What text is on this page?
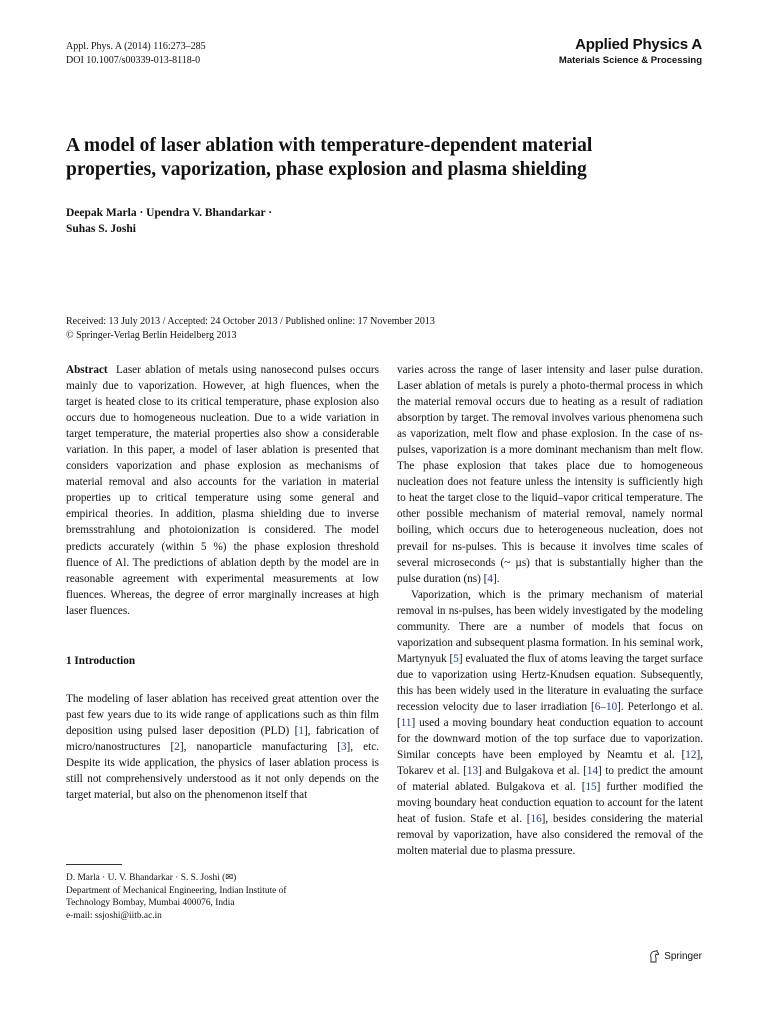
Appl. Phys. A (2014) 116:273–285
DOI 10.1007/s00339-013-8118-0
Applied Physics A
Materials Science & Processing
A model of laser ablation with temperature-dependent material
properties, vaporization, phase explosion and plasma shielding
Deepak Marla · Upendra V. Bhandarkar ·
Suhas S. Joshi
Received: 13 July 2013 / Accepted: 24 October 2013 / Published online: 17 November 2013
© Springer-Verlag Berlin Heidelberg 2013

Abstract Laser ablation of metals using nanosecond pulses occurs mainly due to vaporization. However, at high fluences, when the target is heated close to its critical temperature, phase explosion also occurs due to homogeneous nucleation. Due to a wide variation in target temperature, the material properties also show a considerable variation. In this paper, a model of laser ablation is presented that considers vaporization and phase explosion as mechanisms of material removal and also accounts for the variation in material properties up to critical temperature using some general and empirical theories. In addition, plasma shielding due to inverse bremsstrahlung and photoionization is considered. The model predicts accurately (within 5 %) the phase explosion threshold fluence of Al. The predictions of ablation depth by the model are in reasonable agreement with experimental measurements at low fluences. Whereas, the degree of error marginally increases at high laser fluences.

1 Introduction

The modeling of laser ablation has received great attention over the past few years due to its wide range of applications such as thin film deposition using pulsed laser deposition (PLD) [1], fabrication of micro/nanostructures [2], nanoparticle manufacturing [3], etc. Despite its wide application, the physics of laser ablation process is still not comprehensively understood as it not only depends on the target material, but also on the phenomenon itself that

varies across the range of laser intensity and laser pulse duration. Laser ablation of metals is purely a photo-thermal process in which the material removal occurs due to heating as a result of radiation absorption by target. The removal involves various phenomena such as vaporization, melt flow and phase explosion. In the case of ns-pulses, vaporization is a more dominant mechanism than melt flow. The phase explosion that takes place due to homogeneous nucleation does not feature unless the intensity is sufficiently high to heat the target close to the liquid–vapor critical temperature. The other possible mechanism of material removal, namely normal boiling, which occurs due to heterogeneous nucleation, does not prevail for ns-pulses. This is because it involves time scales of several microseconds (~ µs) that is substantially higher than the pulse duration (ns) [4].

Vaporization, which is the primary mechanism of material removal in ns-pulses, has been widely investigated by the modeling community. There are a number of models that focus on vaporization and subsequent plasma formation. In his seminal work, Martynyuk [5] evaluated the flux of atoms leaving the target surface due to vaporization using Hertz-Knudsen equation. Subsequently, this has been widely used in the literature in evaluating the surface recession velocity due to laser irradiation [6–10]. Peterlongo et al. [11] used a moving boundary heat conduction equation to account for the downward motion of the top surface due to vaporization. Similar concepts have been employed by Neamtu et al. [12], Tokarev et al. [13] and Bulgakova et al. [14] to predict the amount of material ablated. Bulgakova et al. [15] further modified the moving boundary heat conduction equation to account for the latent heat of fusion. Stafe et al. [16], besides considering the material removal by vaporization, have also considered the removal of the molten material due to plasma pressure.

D. Marla · U. V. Bhandarkar · S. S. Joshi (✉)
Department of Mechanical Engineering, Indian Institute of
Technology Bombay, Mumbai 400076, India
e-mail: ssjoshi@iitb.ac.in
Springer
